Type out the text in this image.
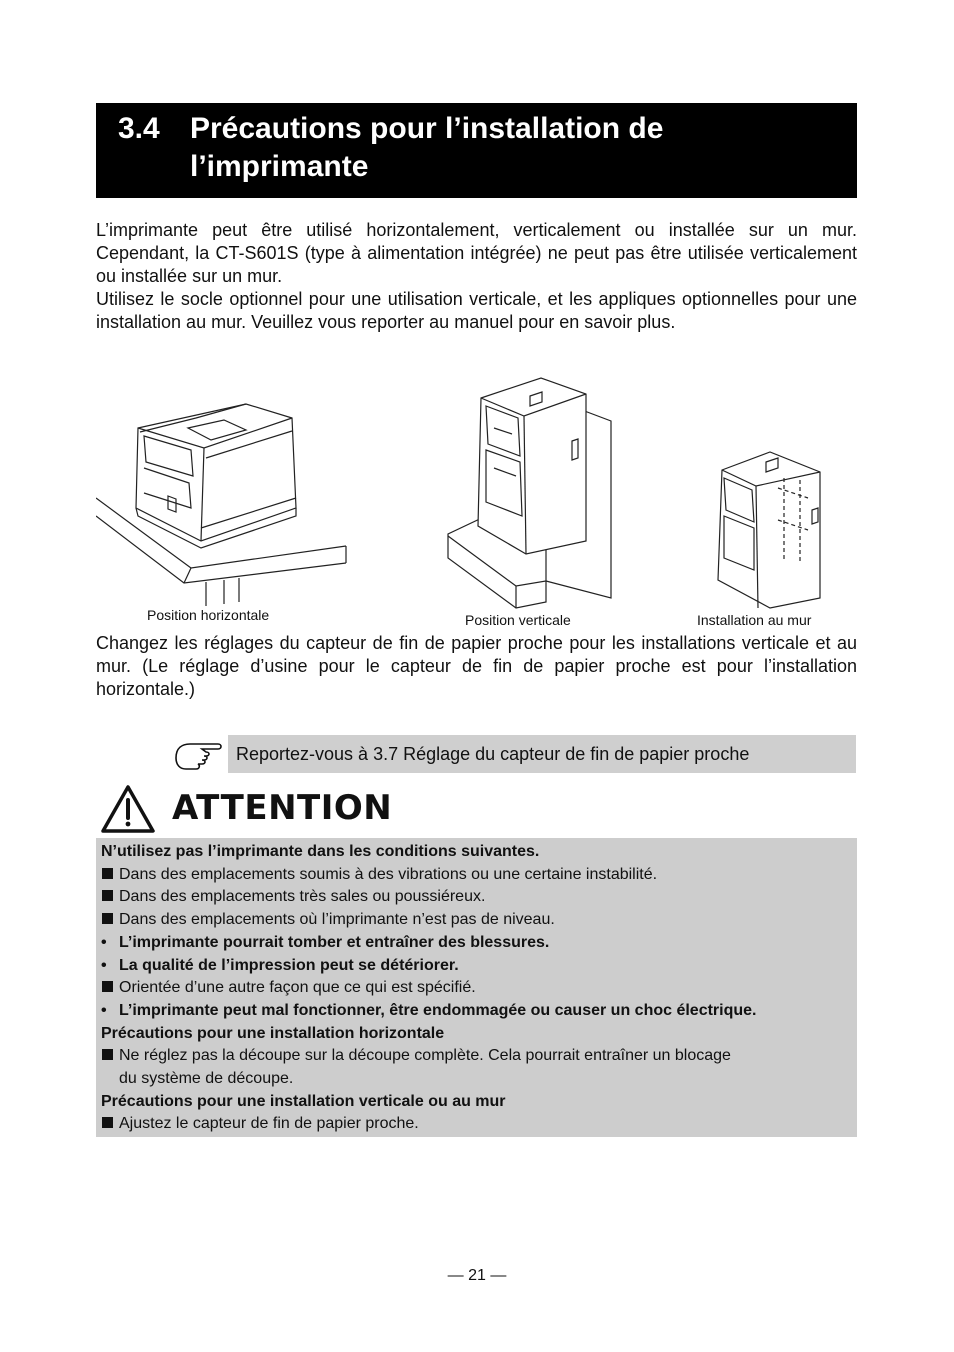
3.4 Précautions pour l’installation de
l’imprimante

L’imprimante peut être utilisé horizontalement, verticalement ou installée sur un mur. Cependant, la CT-S601S (type à alimentation intégrée) ne peut pas être utilisée verticalement ou installée sur un mur.

Utilisez le socle optionnel pour une utilisation verticale, et les appliques optionnelles pour une installation au mur. Veuillez vous reporter au manuel pour en savoir plus.

Position horizontale	Position verticale	Installation au mur

Changez les réglages du capteur de fin de papier proche pour les installations verticale et au mur. (Le réglage d’usine pour le capteur de fin de papier proche est pour l’installation horizontale.)

Reportez-vous à 3.7 Réglage du capteur de fin de papier proche
ATTENTION
N’utilisez pas l’imprimante dans les conditions suivantes.
Dans des emplacements soumis à des vibrations ou une certaine instabilité.
Dans des emplacements très sales ou poussiéreux.
Dans des emplacements où l’imprimante n’est pas de niveau.
• L’imprimante pourrait tomber et entraîner des blessures.
• La qualité de l’impression peut se détériorer.
Orientée d’une autre façon que ce qui est spécifié.
• L’imprimante peut mal fonctionner, être endommagée ou causer un choc électrique.
Précautions pour une installation horizontale
Ne réglez pas la découpe sur la découpe complète. Cela pourrait entraîner un blocage
du système de découpe.
Précautions pour une installation verticale ou au mur
Ajustez le capteur de fin de papier proche.
— 21 —
